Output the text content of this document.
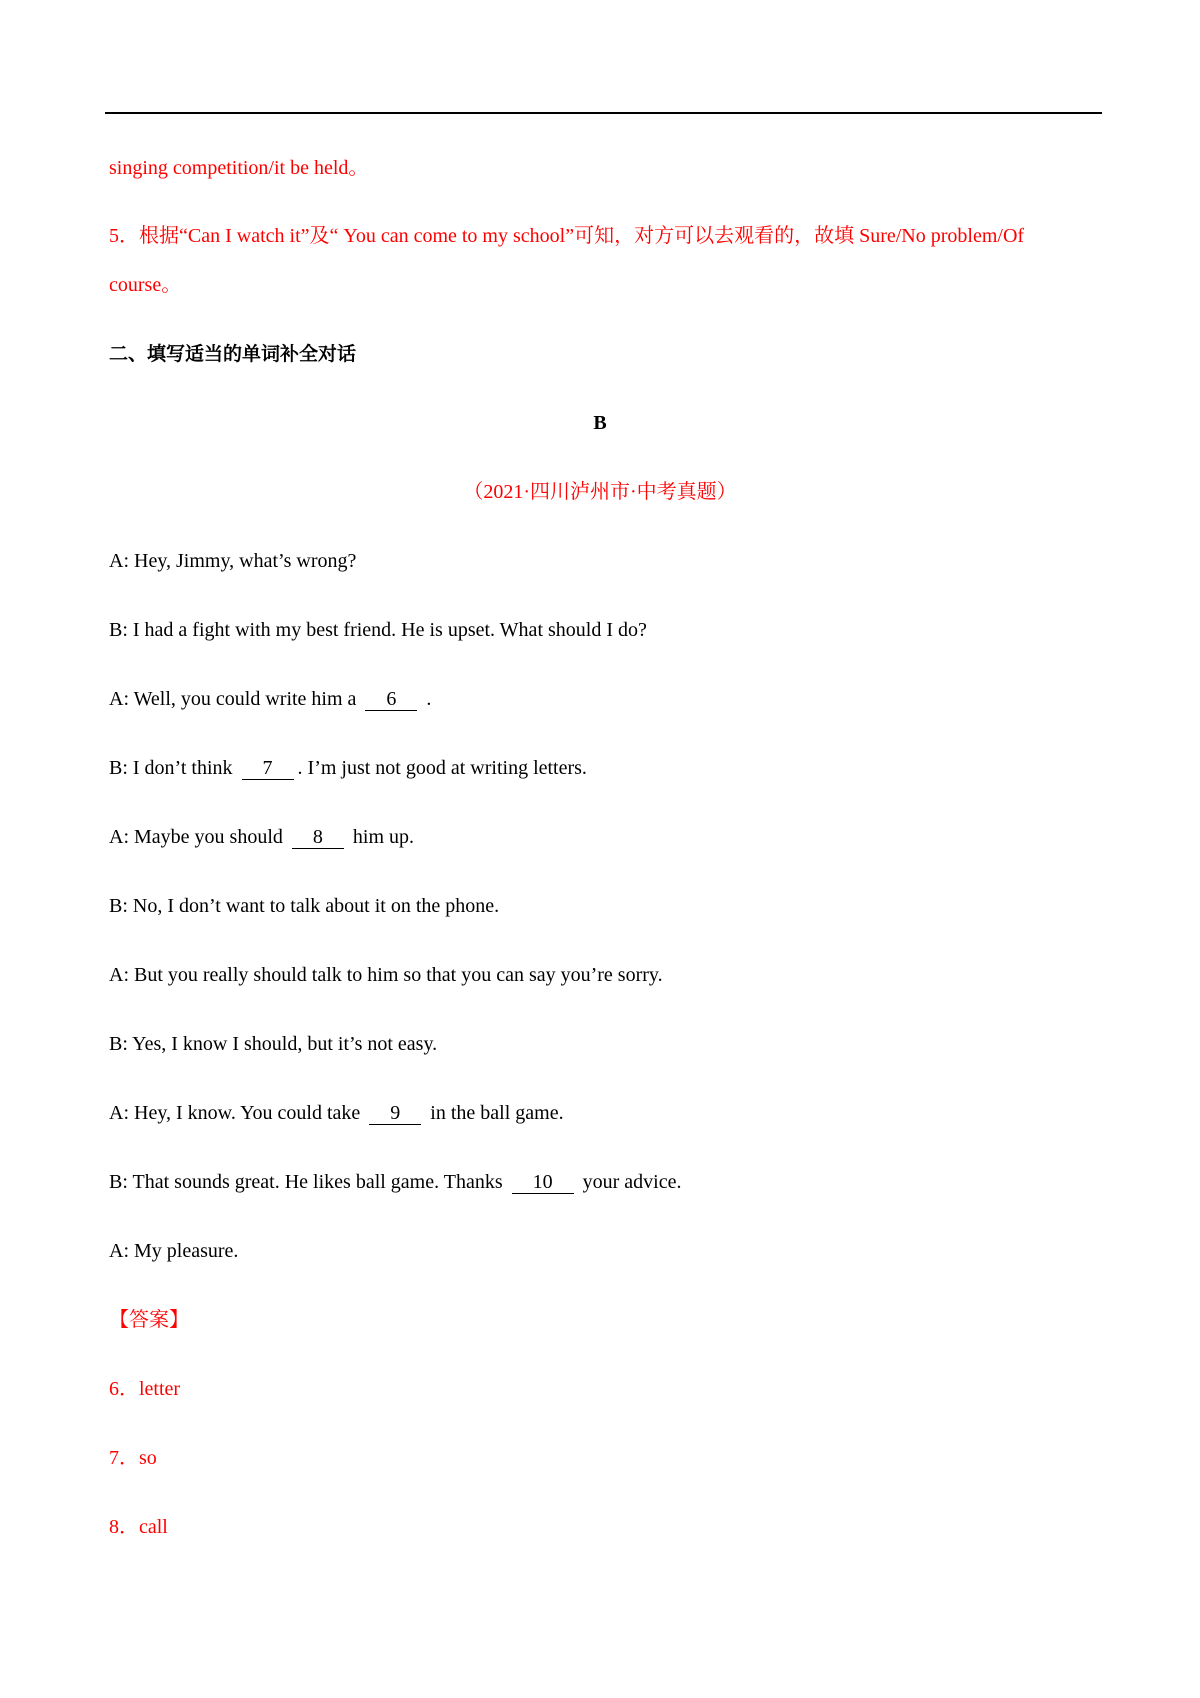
singing competition/it be held。
5．根据“Can I watch it”及“ You can come to my school”可知，对方可以去观看的，故填 Sure/No problem/Of
course。
二、填写适当的单词补全对话
B
（2021·四川泸州市·中考真题）
A: Hey, Jimmy, what’s wrong?
B: I had a fight with my best friend. He is upset. What should I do?
A: Well, you could write him a 6 .
B: I don’t think 7 . I’m just not good at writing letters.
A: Maybe you should 8 him up.
B: No, I don’t want to talk about it on the phone.
A: But you really should talk to him so that you can say you’re sorry.
B: Yes, I know I should, but it’s not easy.
A: Hey, I know. You could take 9 in the ball game.
B: That sounds great. He likes ball game. Thanks 10 your advice.
A: My pleasure.
【答案】
6．letter
7．so
8．call
